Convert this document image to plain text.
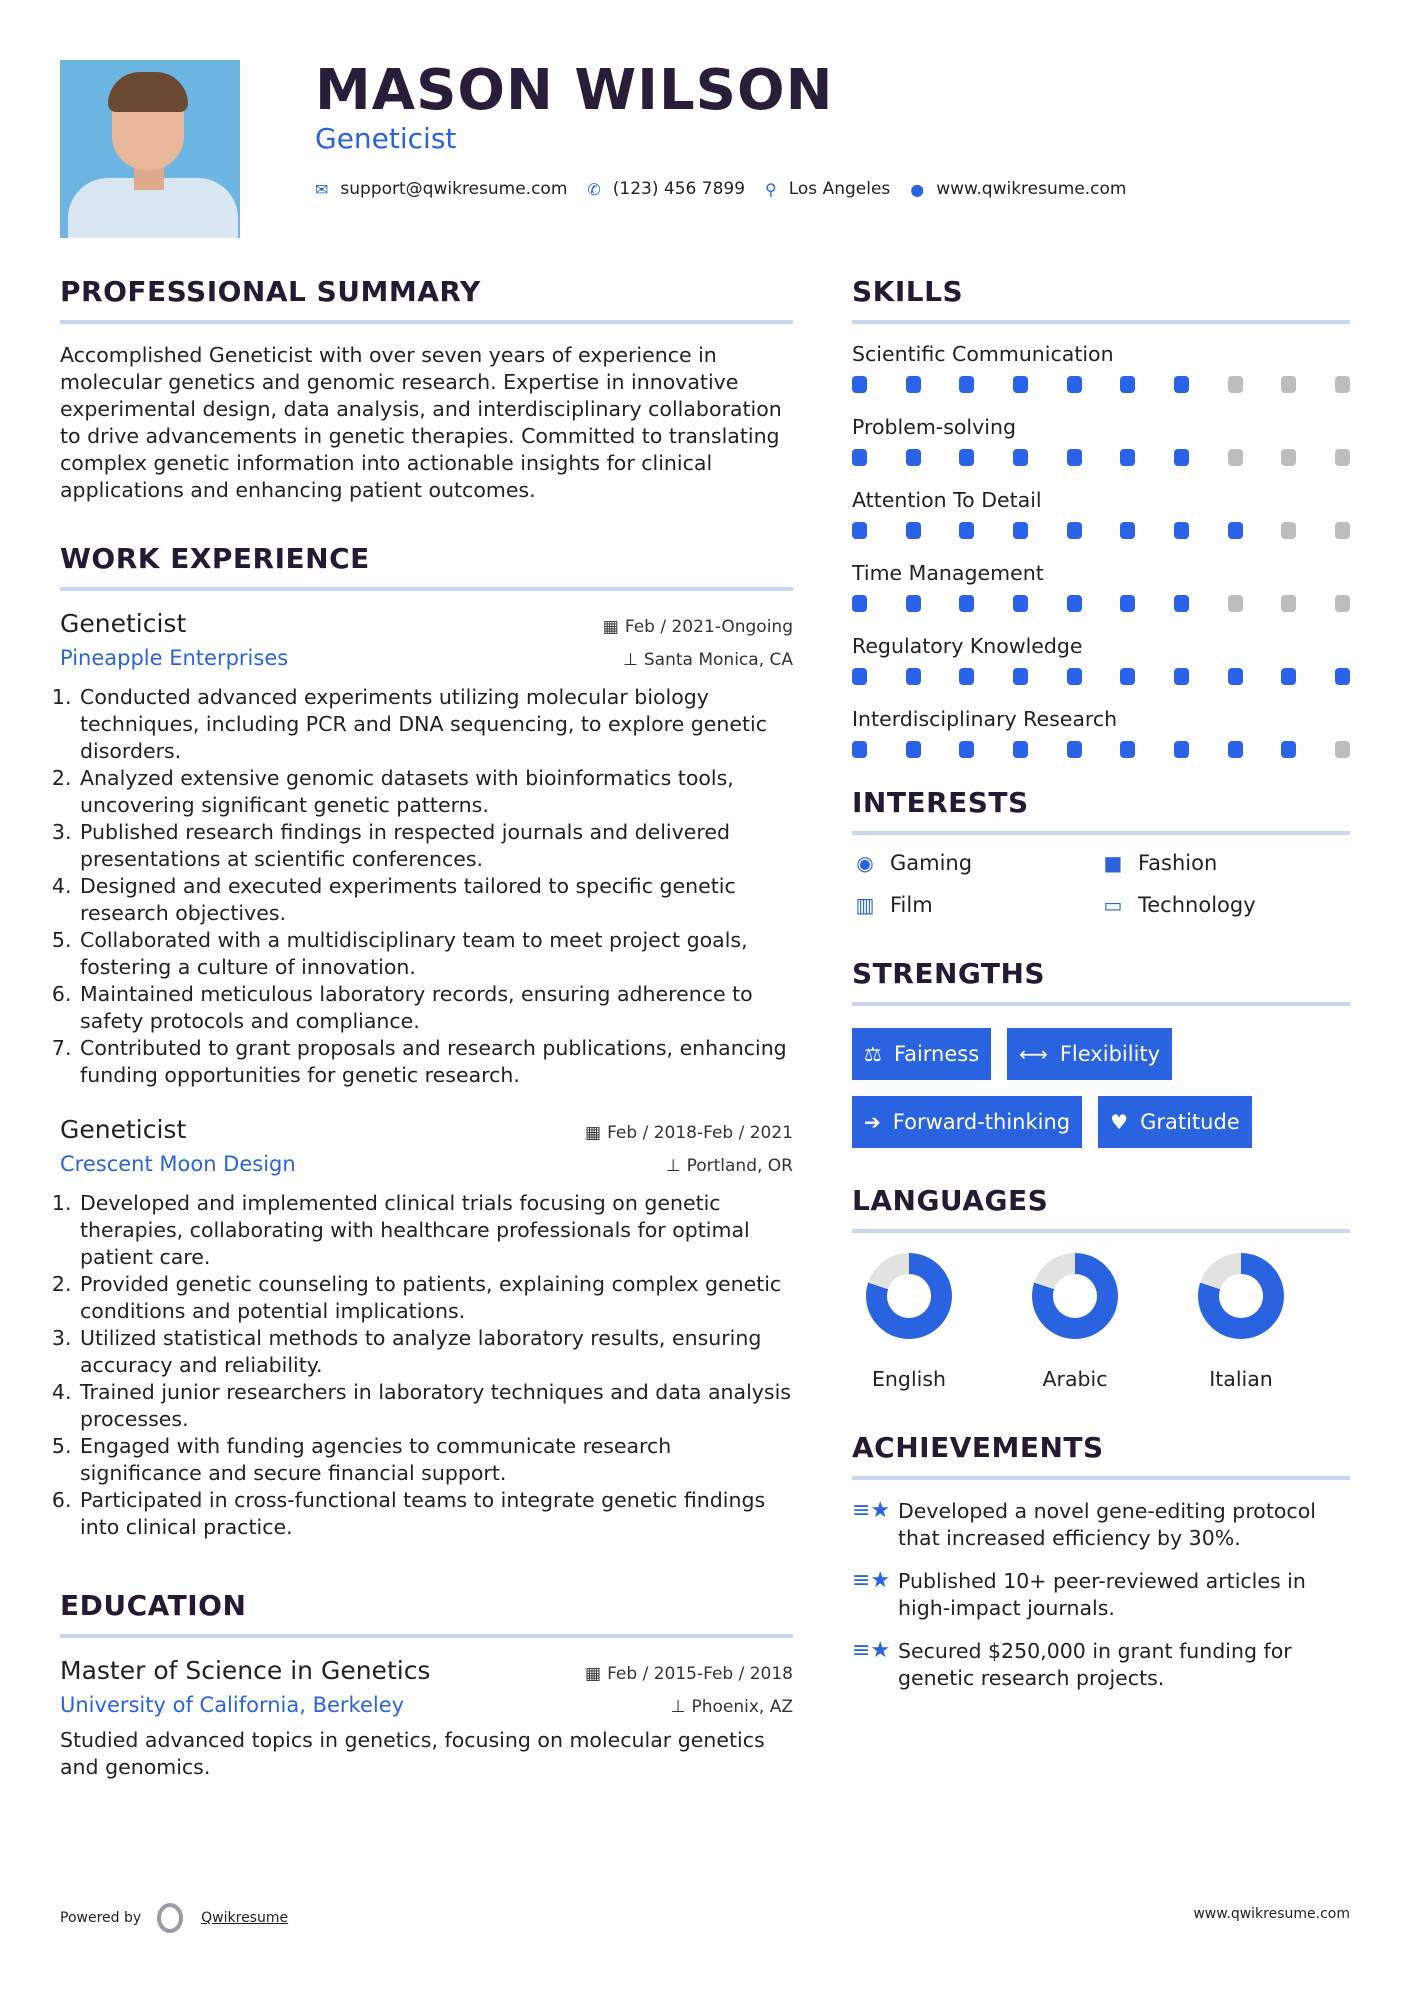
MASON WILSON
Geneticist
✉ support@qwikresume.com ✆ (123) 456 7899 ⚲ Los Angeles ● www.qwikresume.com
PROFESSIONAL SUMMARY

Accomplished Geneticist with over seven years of experience in molecular genetics and genomic research. Expertise in innovative experimental design, data analysis, and interdisciplinary collaboration to drive advancements in genetic therapies. Committed to translating complex genetic information into actionable insights for clinical applications and enhancing patient outcomes.

WORK EXPERIENCE
Geneticist	▦ Feb / 2021-Ongoing
Pineapple Enterprises	⊥ Santa Monica, CA
1. Conducted advanced experiments utilizing molecular biology techniques, including PCR and DNA sequencing, to explore genetic disorders.
2. Analyzed extensive genomic datasets with bioinformatics tools, uncovering significant genetic patterns.
3. Published research findings in respected journals and delivered presentations at scientific conferences.
4. Designed and executed experiments tailored to specific genetic research objectives.
5. Collaborated with a multidisciplinary team to meet project goals, fostering a culture of innovation.
6. Maintained meticulous laboratory records, ensuring adherence to safety protocols and compliance.
7. Contributed to grant proposals and research publications, enhancing funding opportunities for genetic research.
Geneticist	▦ Feb / 2018-Feb / 2021
Crescent Moon Design	⊥ Portland, OR
1. Developed and implemented clinical trials focusing on genetic therapies, collaborating with healthcare professionals for optimal patient care.
2. Provided genetic counseling to patients, explaining complex genetic conditions and potential implications.
3. Utilized statistical methods to analyze laboratory results, ensuring accuracy and reliability.
4. Trained junior researchers in laboratory techniques and data analysis processes.
5. Engaged with funding agencies to communicate research significance and secure financial support.
6. Participated in cross-functional teams to integrate genetic findings into clinical practice.
EDUCATION
Master of Science in Genetics	▦ Feb / 2015-Feb / 2018
University of California, Berkeley	⊥ Phoenix, AZ

Studied advanced topics in genetics, focusing on molecular genetics and genomics.

SKILLS
Scientific Communication
Problem-solving
Attention To Detail
Time Management
Regulatory Knowledge
Interdisciplinary Research
INTERESTS
◉ Gaming	■ Fashion
▥ Film	▭ Technology
STRENGTHS
⚖ Fairness ⟷ Flexibility
➔ Forward-thinking ♥ Gratitude
LANGUAGES
English	Arabic	Italian
ACHIEVEMENTS
≡★ Developed a novel gene-editing protocol that increased efficiency by 30%.
≡★ Published 10+ peer-reviewed articles in high-impact journals.
≡★ Secured $250,000 in grant funding for genetic research projects.
Powered by	Qwikresume	www.qwikresume.com
